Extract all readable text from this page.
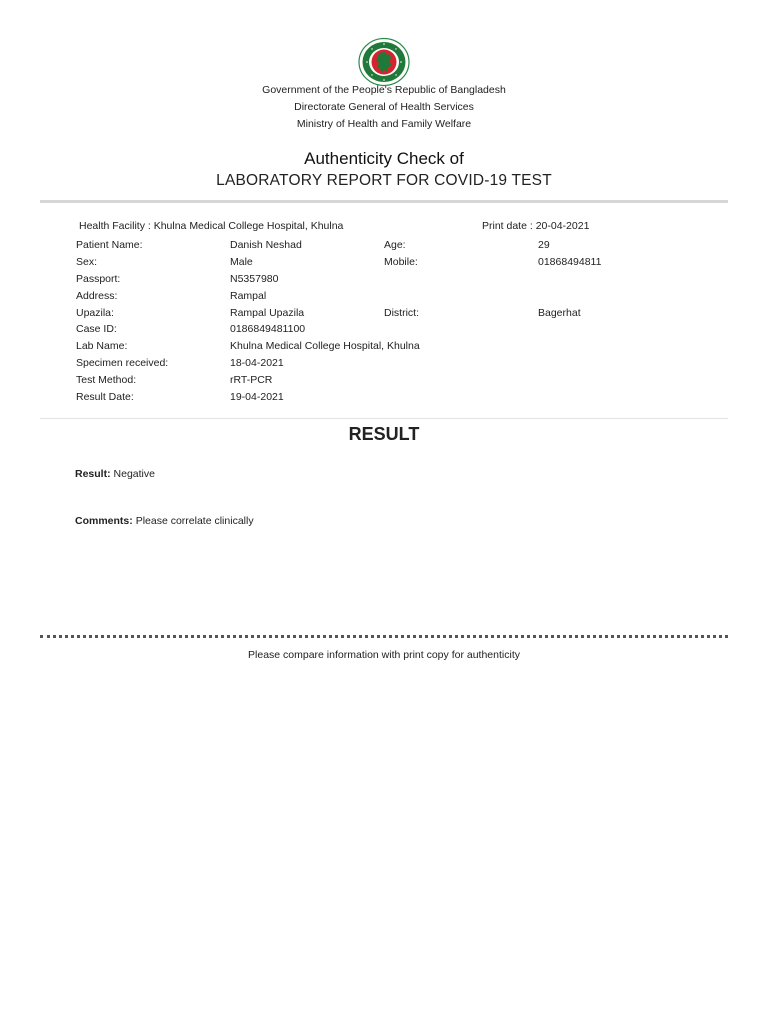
Government of the People's Republic of Bangladesh
Directorate General of Health Services
Ministry of Health and Family Welfare
Authenticity Check of
LABORATORY REPORT FOR COVID-19 TEST
Health Facility : Khulna Medical College Hospital, Khulna	Print date : 20-04-2021
Patient Name:	Danish Neshad	Age:	29
Sex:	Male	Mobile:	01868494811
Passport:	N5357980
Address:	Rampal
Upazila:	Rampal Upazila	District:	Bagerhat
Case ID:	0186849481100
Lab Name:	Khulna Medical College Hospital, Khulna
Specimen received:	18-04-2021
Test Method:	rRT-PCR
Result Date:	19-04-2021
RESULT
Result: Negative
Comments: Please correlate clinically
Please compare information with print copy for authenticity
